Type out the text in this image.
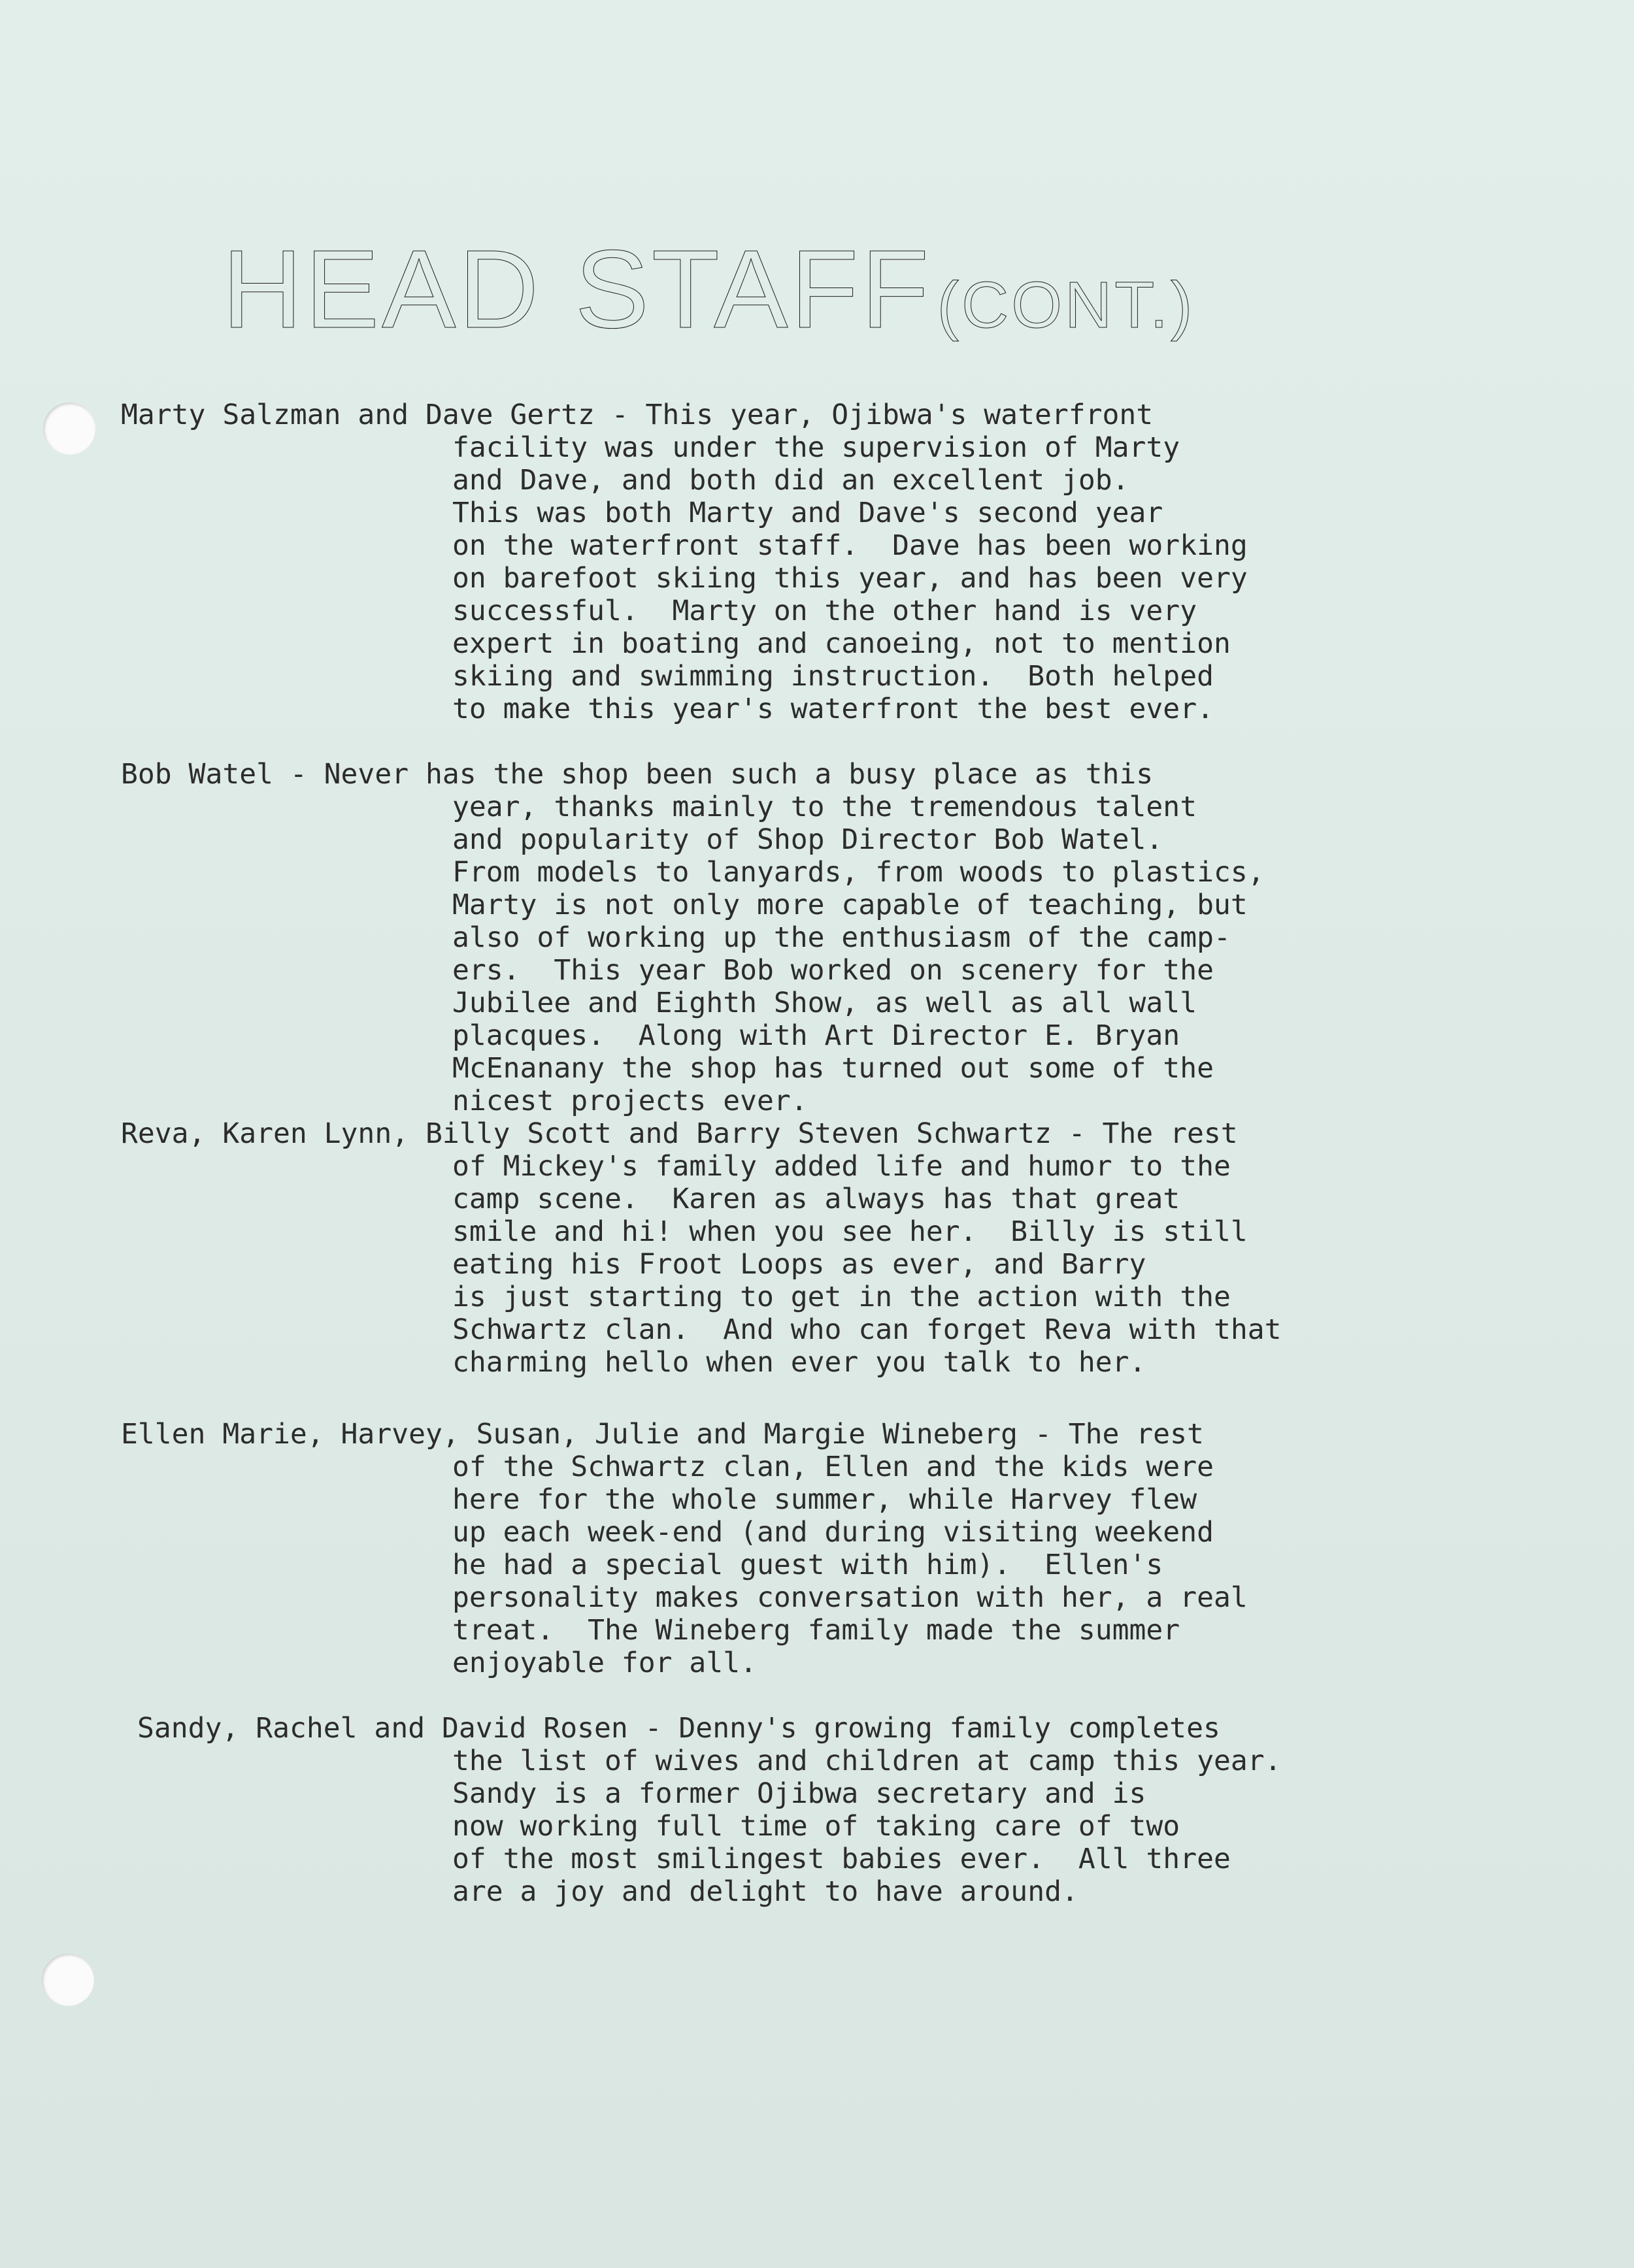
HEAD STAFF (CONT.)
Marty Salzman and Dave Gertz - This year, Ojibwa's waterfront
facility was under the supervision of Marty
and Dave, and both did an excellent job.
This was both Marty and Dave's second year
on the waterfront staff.  Dave has been working
on barefoot skiing this year, and has been very
successful.  Marty on the other hand is very
expert in boating and canoeing, not to mention
skiing and swimming instruction.  Both helped
to make this year's waterfront the best ever.
Bob Watel - Never has the shop been such a busy place as this
year, thanks mainly to the tremendous talent
and popularity of Shop Director Bob Watel.
From models to lanyards, from woods to plastics,
Marty is not only more capable of teaching, but
also of working up the enthusiasm of the camp-
ers.  This year Bob worked on scenery for the
Jubilee and Eighth Show, as well as all wall
placques.  Along with Art Director E. Bryan
McEnanany the shop has turned out some of the
nicest projects ever.
Reva, Karen Lynn, Billy Scott and Barry Steven Schwartz - The rest
of Mickey's family added life and humor to the
camp scene.  Karen as always has that great
smile and hi! when you see her.  Billy is still
eating his Froot Loops as ever, and Barry
is just starting to get in the action with the
Schwartz clan.  And who can forget Reva with that
charming hello when ever you talk to her.
Ellen Marie, Harvey, Susan, Julie and Margie Wineberg - The rest
of the Schwartz clan, Ellen and the kids were
here for the whole summer, while Harvey flew
up each week-end (and during visiting weekend
he had a special guest with him).  Ellen's
personality makes conversation with her, a real
treat.  The Wineberg family made the summer
enjoyable for all.
Sandy, Rachel and David Rosen - Denny's growing family completes
the list of wives and children at camp this year.
Sandy is a former Ojibwa secretary and is
now working full time of taking care of two
of the most smilingest babies ever.  All three
are a joy and delight to have around.
